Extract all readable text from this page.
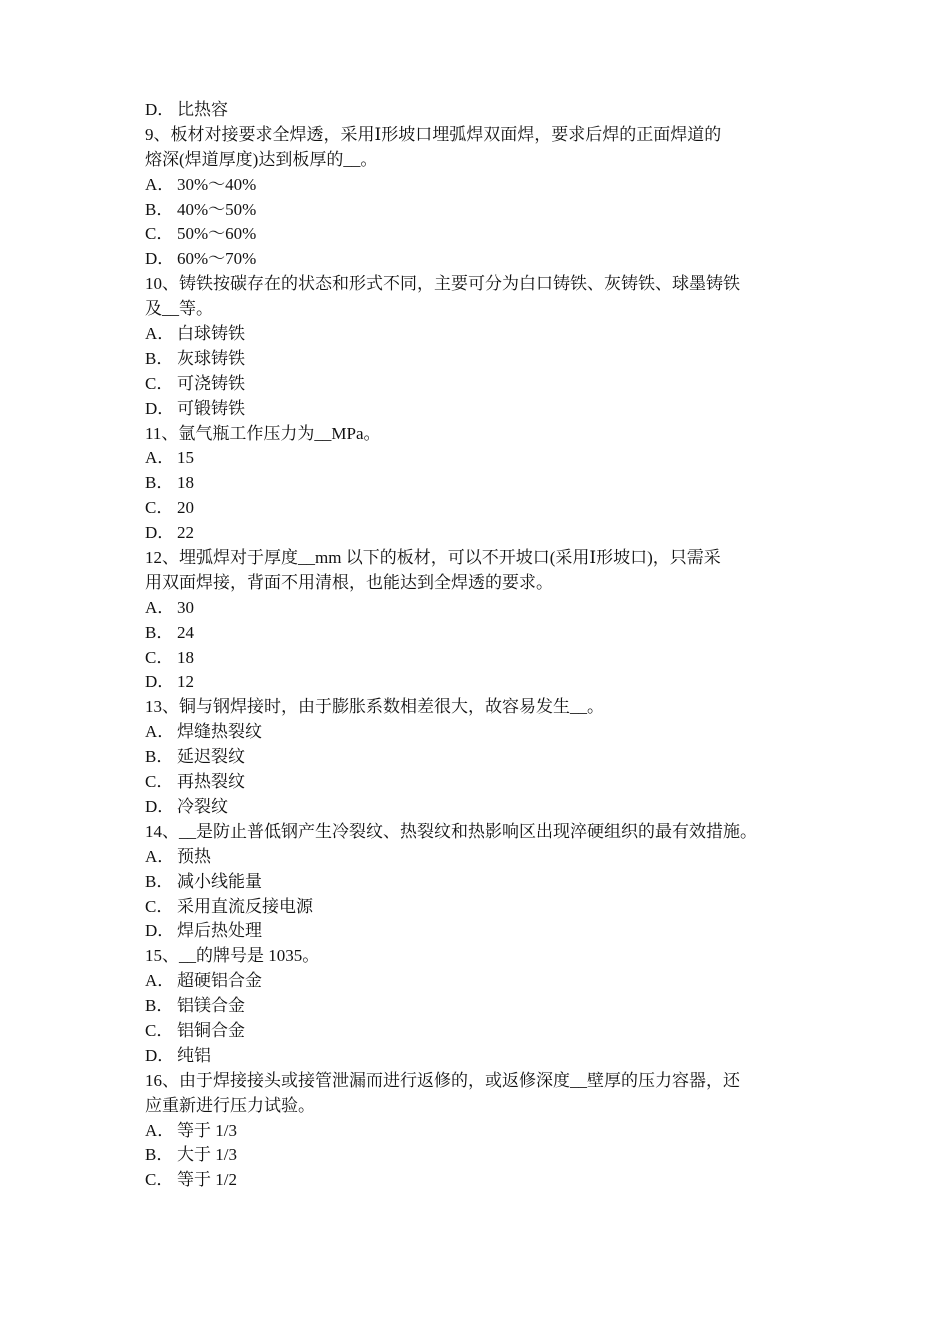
D． 比热容
9、板材对接要求全焊透，采用Ⅰ形坡口埋弧焊双面焊，要求后焊的正面焊道的
熔深(焊道厚度)达到板厚的__。
A． 30%～40%
B． 40%～50%
C． 50%～60%
D． 60%～70%
10、铸铁按碳存在的状态和形式不同，主要可分为白口铸铁、灰铸铁、球墨铸铁
及__等。
A． 白球铸铁
B． 灰球铸铁
C． 可浇铸铁
D． 可锻铸铁
11、氩气瓶工作压力为__MPa。
A． 15
B． 18
C． 20
D． 22
12、埋弧焊对于厚度__mm 以下的板材，可以不开坡口(采用Ⅰ形坡口)，只需采
用双面焊接，背面不用清根，也能达到全焊透的要求。
A． 30
B． 24
C． 18
D． 12
13、铜与钢焊接时，由于膨胀系数相差很大，故容易发生__。
A． 焊缝热裂纹
B． 延迟裂纹
C． 再热裂纹
D． 冷裂纹
14、__是防止普低钢产生冷裂纹、热裂纹和热影响区出现淬硬组织的最有效措施。
A． 预热
B． 减小线能量
C． 采用直流反接电源
D． 焊后热处理
15、__的牌号是 1035。
A． 超硬铝合金
B． 铝镁合金
C． 铝铜合金
D． 纯铝
16、由于焊接接头或接管泄漏而进行返修的，或返修深度__壁厚的压力容器，还
应重新进行压力试验。
A． 等于 1/3
B． 大于 1/3
C． 等于 1/2
